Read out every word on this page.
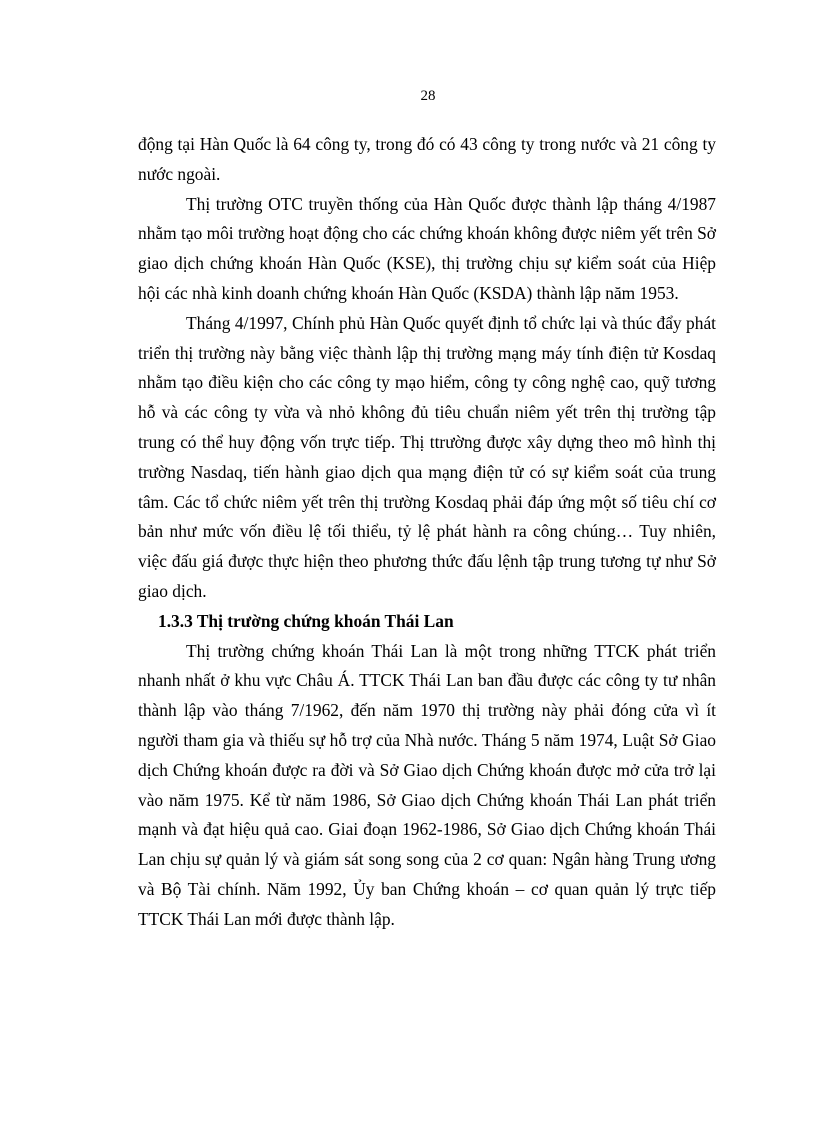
28

động tại Hàn Quốc là 64 công ty, trong đó có 43 công ty trong nước và 21 công ty nước ngoài.

Thị trường OTC truyền thống của Hàn Quốc được thành lập tháng 4/1987 nhằm tạo môi trường hoạt động cho các chứng khoán không được niêm yết trên Sở giao dịch chứng khoán Hàn Quốc (KSE), thị trường chịu sự kiểm soát của Hiệp hội các nhà kinh doanh chứng khoán Hàn Quốc (KSDA) thành lập năm 1953.

Tháng 4/1997, Chính phủ Hàn Quốc quyết định tổ chức lại và thúc đẩy phát triển thị trường này bằng việc thành lập thị trường mạng máy tính điện tử Kosdaq nhằm tạo điều kiện cho các công ty mạo hiểm, công ty công nghệ cao, quỹ tương hỗ và các công ty vừa và nhỏ không đủ tiêu chuẩn niêm yết trên thị trường tập trung có thể huy động vốn trực tiếp. Thị ttrường được xây dựng theo mô hình thị trường Nasdaq, tiến hành giao dịch qua mạng điện tử có sự kiểm soát của trung tâm. Các tổ chức niêm yết trên thị trường Kosdaq phải đáp ứng một số tiêu chí cơ bản như mức vốn điều lệ tối thiểu, tỷ lệ phát hành ra công chúng… Tuy nhiên, việc đấu giá được thực hiện theo phương thức đấu lệnh tập trung tương tự như Sở giao dịch.

1.3.3 Thị trường chứng khoán Thái Lan

Thị trường chứng khoán Thái Lan là một trong những TTCK phát triển nhanh nhất ở khu vực Châu Á. TTCK Thái Lan ban đầu được các công ty tư nhân thành lập vào tháng 7/1962, đến năm 1970 thị trường này phải đóng cửa vì ít người tham gia và thiếu sự hỗ trợ của Nhà nước. Tháng 5 năm 1974, Luật Sở Giao dịch Chứng khoán được ra đời và Sở Giao dịch Chứng khoán được mở cửa trở lại vào năm 1975. Kể từ năm 1986, Sở Giao dịch Chứng khoán Thái Lan phát triển mạnh và đạt hiệu quả cao. Giai đoạn 1962-1986, Sở Giao dịch Chứng khoán Thái Lan chịu sự quản lý và giám sát song song của 2 cơ quan: Ngân hàng Trung ương và Bộ Tài chính. Năm 1992, Ủy ban Chứng khoán – cơ quan quản lý trực tiếp TTCK Thái Lan mới được thành lập.
